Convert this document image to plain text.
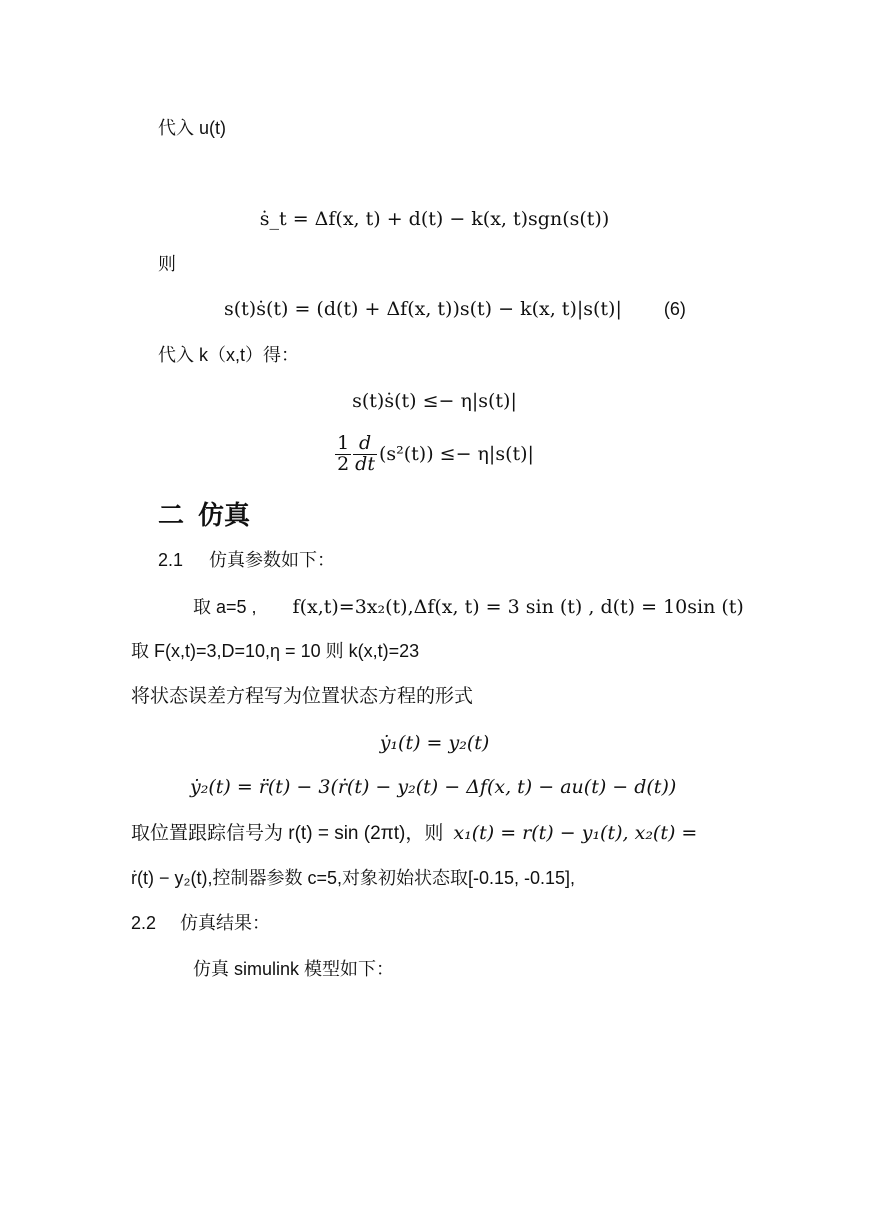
代入 u(t)
ṡ_t = Δf(x, t) + d(t) − k(x, t)sgn(s(t))
则
s(t)ṡ(t) = (d(t) + Δf(x, t))s(t) − k(x, t)|s(t)| (6)
代入 k（x,t）得：
s(t)ṡ(t) ≤− η|s(t)|
$\frac{1}{2} \frac{d}{dt} (s^2(t)) \le- \eta|s(t)|$
二 仿真
2.1 仿真参数如下：
取 a=5 , f(x,t)=3x₂(t),Δf(x, t) = 3 sin (t) , d(t) = 10sin (t)
取 F(x,t)=3,D=10,η = 10 则 k(x,t)=23
将状态误差方程写为位置状态方程的形式
ẏ₁(t) = y₂(t)
ẏ₂(t) = r̈(t) − 3(ṙ(t) − y₂(t) − Δf(x, t) − au(t) − d(t))
取位置跟踪信号为 r(t) = sin (2πt)，则 x₁(t) = r(t) − y₁(t), x₂(t) =
ṙ(t) − y₂(t),控制器参数 c=5,对象初始状态取[-0.15, -0.15],
2.2 仿真结果：
仿真 simulink 模型如下：
